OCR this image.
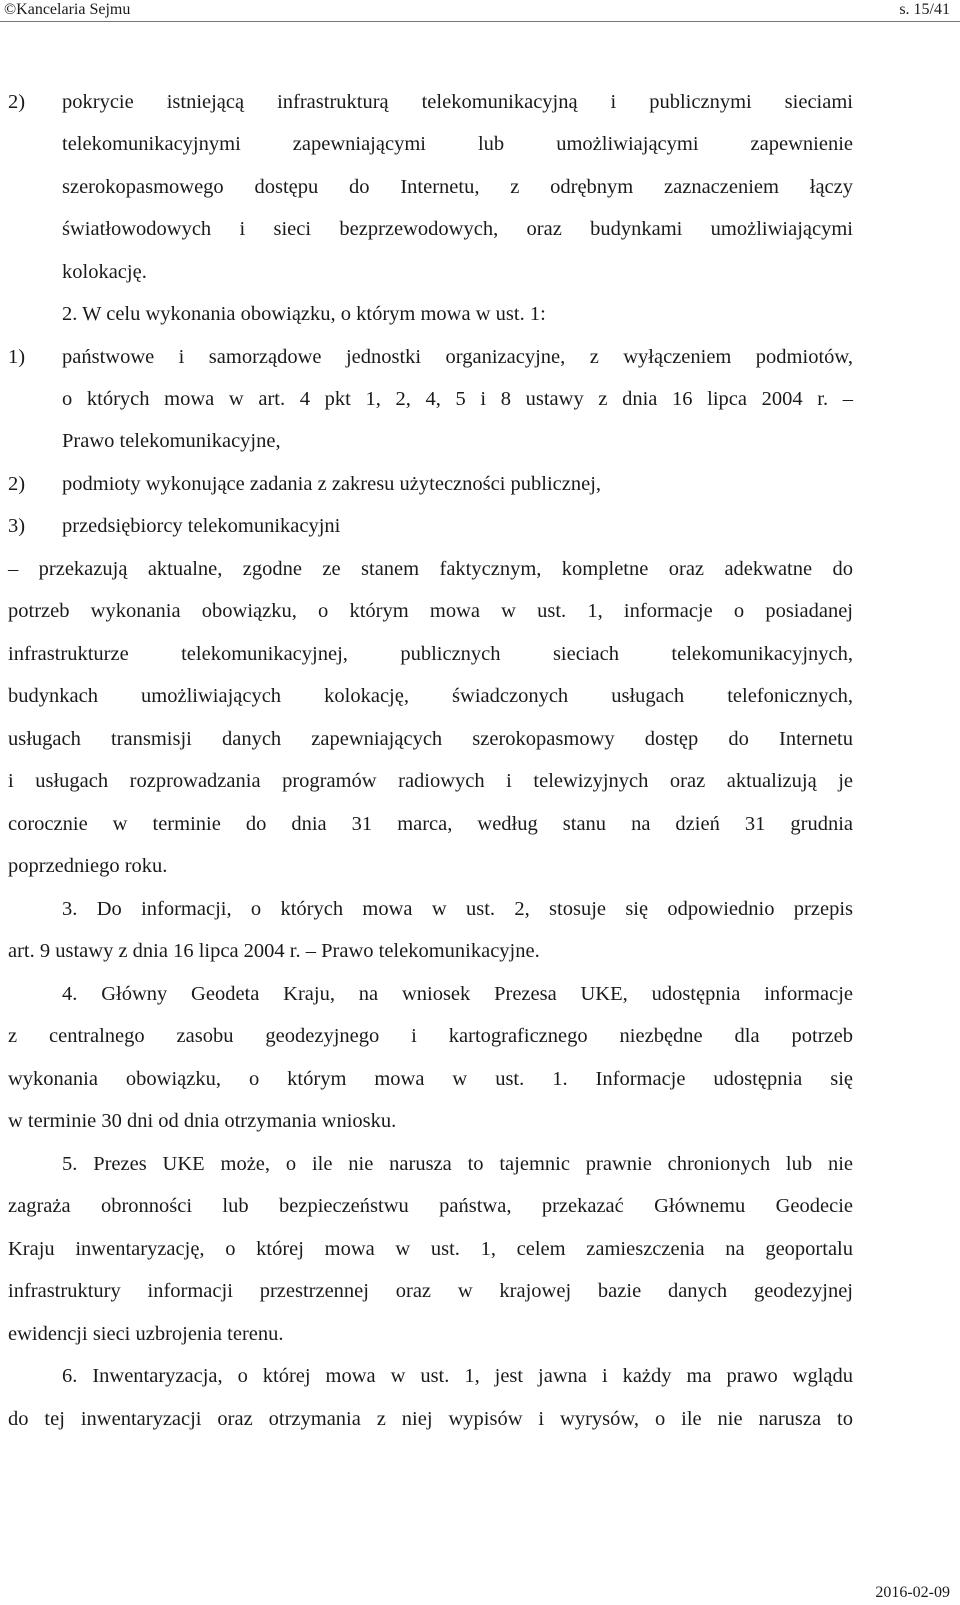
©Kancelaria Sejmu	s. 15/41
2) pokrycie istniejącą infrastrukturą telekomunikacyjną i publicznymi sieciami
telekomunikacyjnymi zapewniającymi lub umożliwiającymi zapewnienie
szerokopasmowego dostępu do Internetu, z odrębnym zaznaczeniem łączy
światłowodowych i sieci bezprzewodowych, oraz budynkami umożliwiającymi
kolokację.
2. W celu wykonania obowiązku, o którym mowa w ust. 1:
1) państwowe i samorządowe jednostki organizacyjne, z wyłączeniem podmiotów,
o których mowa w art. 4 pkt 1, 2, 4, 5 i 8 ustawy z dnia 16 lipca 2004 r. –
Prawo telekomunikacyjne,
2) podmioty wykonujące zadania z zakresu użyteczności publicznej,
3) przedsiębiorcy telekomunikacyjni
– przekazują aktualne, zgodne ze stanem faktycznym, kompletne oraz adekwatne do
potrzeb wykonania obowiązku, o którym mowa w ust. 1, informacje o posiadanej
infrastrukturze telekomunikacyjnej, publicznych sieciach telekomunikacyjnych,
budynkach umożliwiających kolokację, świadczonych usługach telefonicznych,
usługach transmisji danych zapewniających szerokopasmowy dostęp do Internetu
i usługach rozprowadzania programów radiowych i telewizyjnych oraz aktualizują je
corocznie w terminie do dnia 31 marca, według stanu na dzień 31 grudnia
poprzedniego roku.
3. Do informacji, o których mowa w ust. 2, stosuje się odpowiednio przepis
art. 9 ustawy z dnia 16 lipca 2004 r. – Prawo telekomunikacyjne.
4. Główny Geodeta Kraju, na wniosek Prezesa UKE, udostępnia informacje
z centralnego zasobu geodezyjnego i kartograficznego niezbędne dla potrzeb
wykonania obowiązku, o którym mowa w ust. 1. Informacje udostępnia się
w terminie 30 dni od dnia otrzymania wniosku.
5. Prezes UKE może, o ile nie narusza to tajemnic prawnie chronionych lub nie
zagraża obronności lub bezpieczeństwu państwa, przekazać Głównemu Geodecie
Kraju inwentaryzację, o której mowa w ust. 1, celem zamieszczenia na geoportalu
infrastruktury informacji przestrzennej oraz w krajowej bazie danych geodezyjnej
ewidencji sieci uzbrojenia terenu.
6. Inwentaryzacja, o której mowa w ust. 1, jest jawna i każdy ma prawo wglądu
do tej inwentaryzacji oraz otrzymania z niej wypisów i wyrysów, o ile nie narusza to
2016-02-09
